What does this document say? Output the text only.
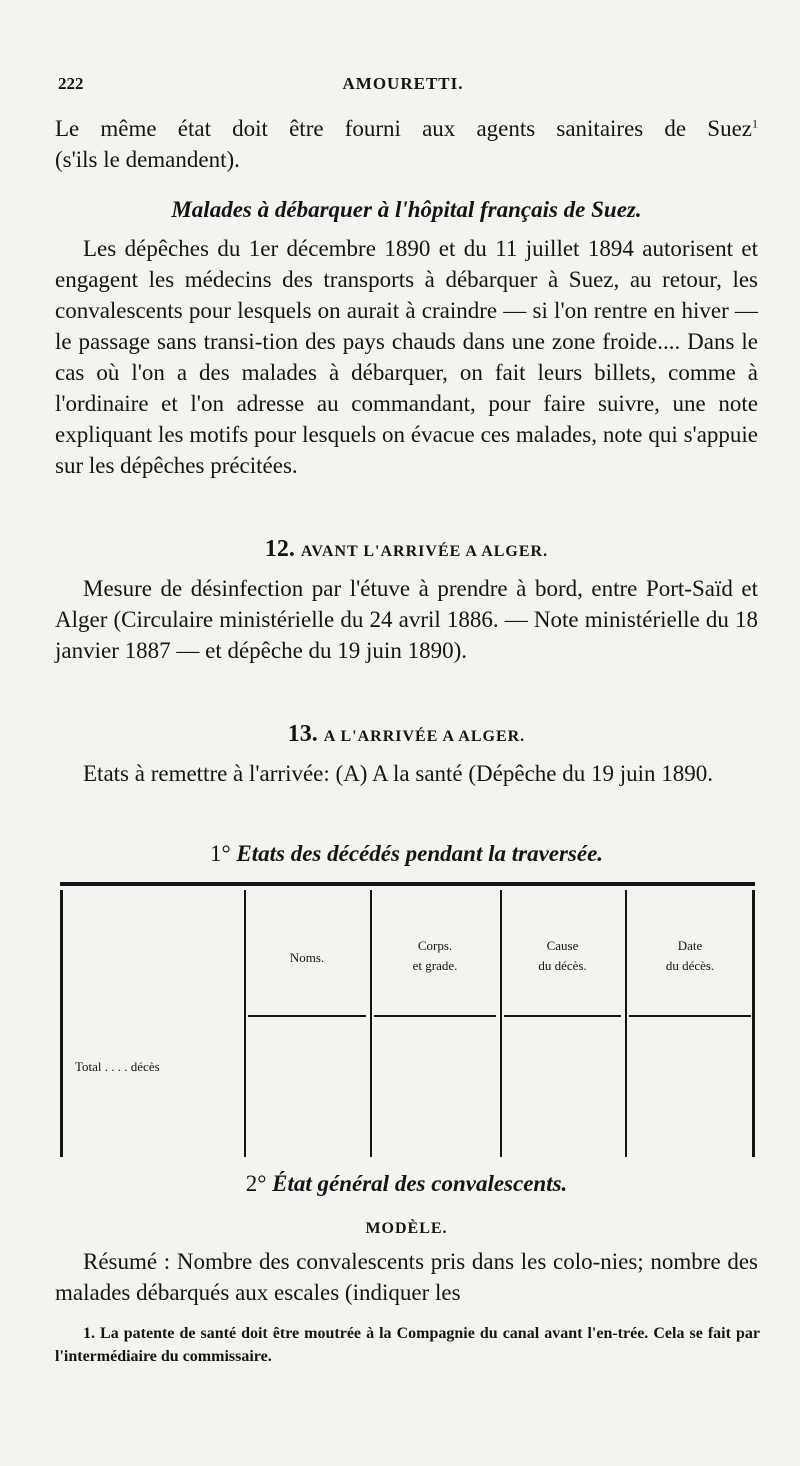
222	AMOURETTI.
Le même état doit être fourni aux agents sanitaires de Suez$^1$
(s'ils le demandent).
Malades à débarquer à l'hôpital français de Suez.
Les dépêches du 1er décembre 1890 et du 11 juillet 1894 autorisent et engagent les médecins des transports à débarquer à Suez, au retour, les convalescents pour lesquels on aurait à craindre — si l'on rentre en hiver — le passage sans transi-tion des pays chauds dans une zone froide.... Dans le cas où l'on a des malades à débarquer, on fait leurs billets, comme à l'ordinaire et l'on adresse au commandant, pour faire suivre, une note expliquant les motifs pour lesquels on évacue ces malades, note qui s'appuie sur les dépêches précitées.
12. AVANT L'ARRIVÉE A ALGER.
Mesure de désinfection par l'étuve à prendre à bord, entre Port-Saïd et Alger (Circulaire ministérielle du 24 avril 1886. — Note ministérielle du 18 janvier 1887 — et dépêche du 19 juin 1890).
13. A L'ARRIVÉE A ALGER.
Etats à remettre à l'arrivée: (A) A la santé (Dépêche du 19 juin 1890.
1° Etats des décédés pendant la traversée.
Noms.
Corps.
et grade.
Cause
du décès.
Date
du décès.
Total . . . . décès
2° État général des convalescents.
MODÈLE.
Résumé : Nombre des convalescents pris dans les colo-nies; nombre des malades débarqués aux escales (indiquer les
1. La patente de santé doit être moutrée à la Compagnie du canal avant l'en-trée. Cela se fait par l'intermédiaire du commissaire.
